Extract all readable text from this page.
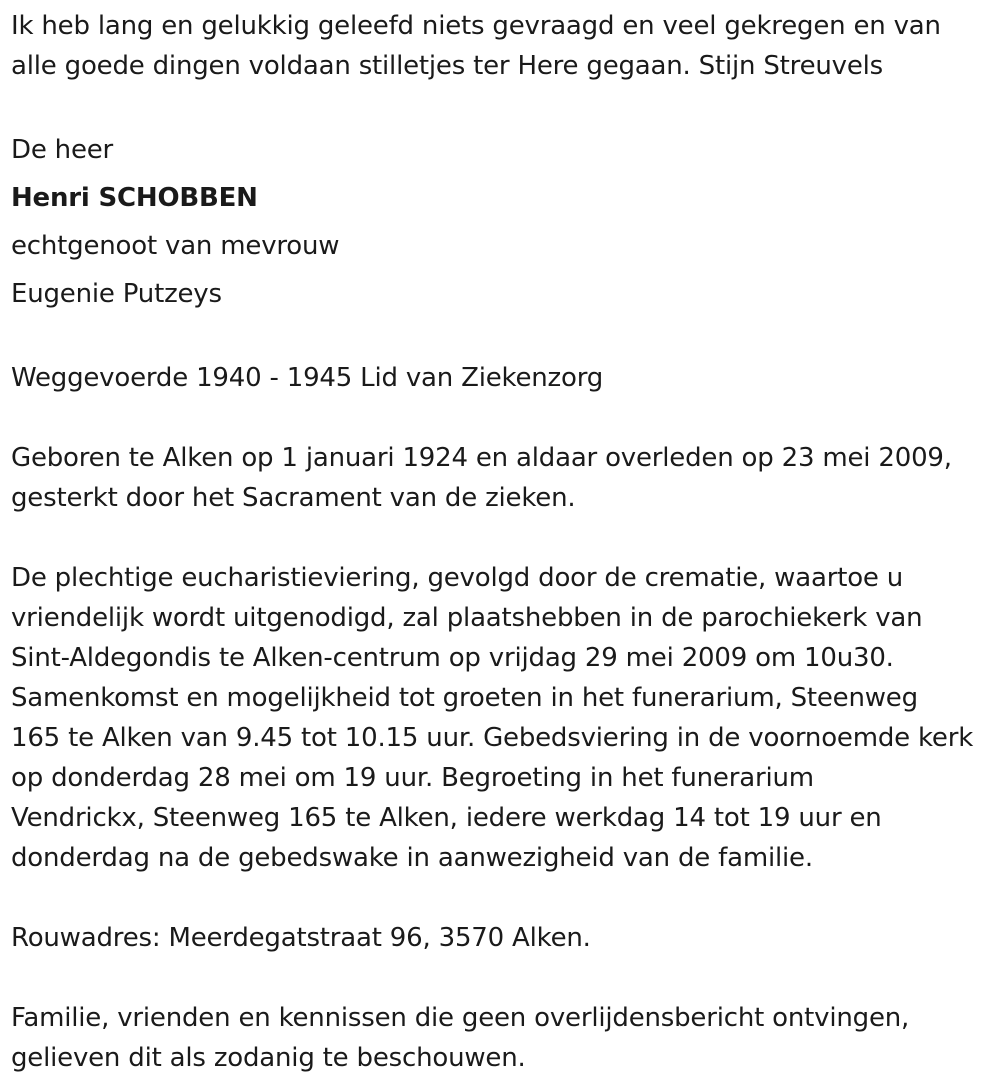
Ik heb lang en gelukkig geleefd niets gevraagd en veel gekregen en van
alle goede dingen voldaan stilletjes ter Here gegaan. Stijn Streuvels
De heer
Henri SCHOBBEN
echtgenoot van mevrouw
Eugenie Putzeys
Weggevoerde 1940 - 1945 Lid van Ziekenzorg
Geboren te Alken op 1 januari 1924 en aldaar overleden op 23 mei 2009,
gesterkt door het Sacrament van de zieken.
De plechtige eucharistieviering, gevolgd door de crematie, waartoe u
vriendelijk wordt uitgenodigd, zal plaatshebben in de parochiekerk van
Sint-Aldegondis te Alken-centrum op vrijdag 29 mei 2009 om 10u30.
Samenkomst en mogelijkheid tot groeten in het funerarium, Steenweg
165 te Alken van 9.45 tot 10.15 uur. Gebedsviering in de voornoemde kerk
op donderdag 28 mei om 19 uur. Begroeting in het funerarium
Vendrickx, Steenweg 165 te Alken, iedere werkdag 14 tot 19 uur en
donderdag na de gebedswake in aanwezigheid van de familie.
Rouwadres: Meerdegatstraat 96, 3570 Alken.
Familie, vrienden en kennissen die geen overlijdensbericht ontvingen,
gelieven dit als zodanig te beschouwen.
